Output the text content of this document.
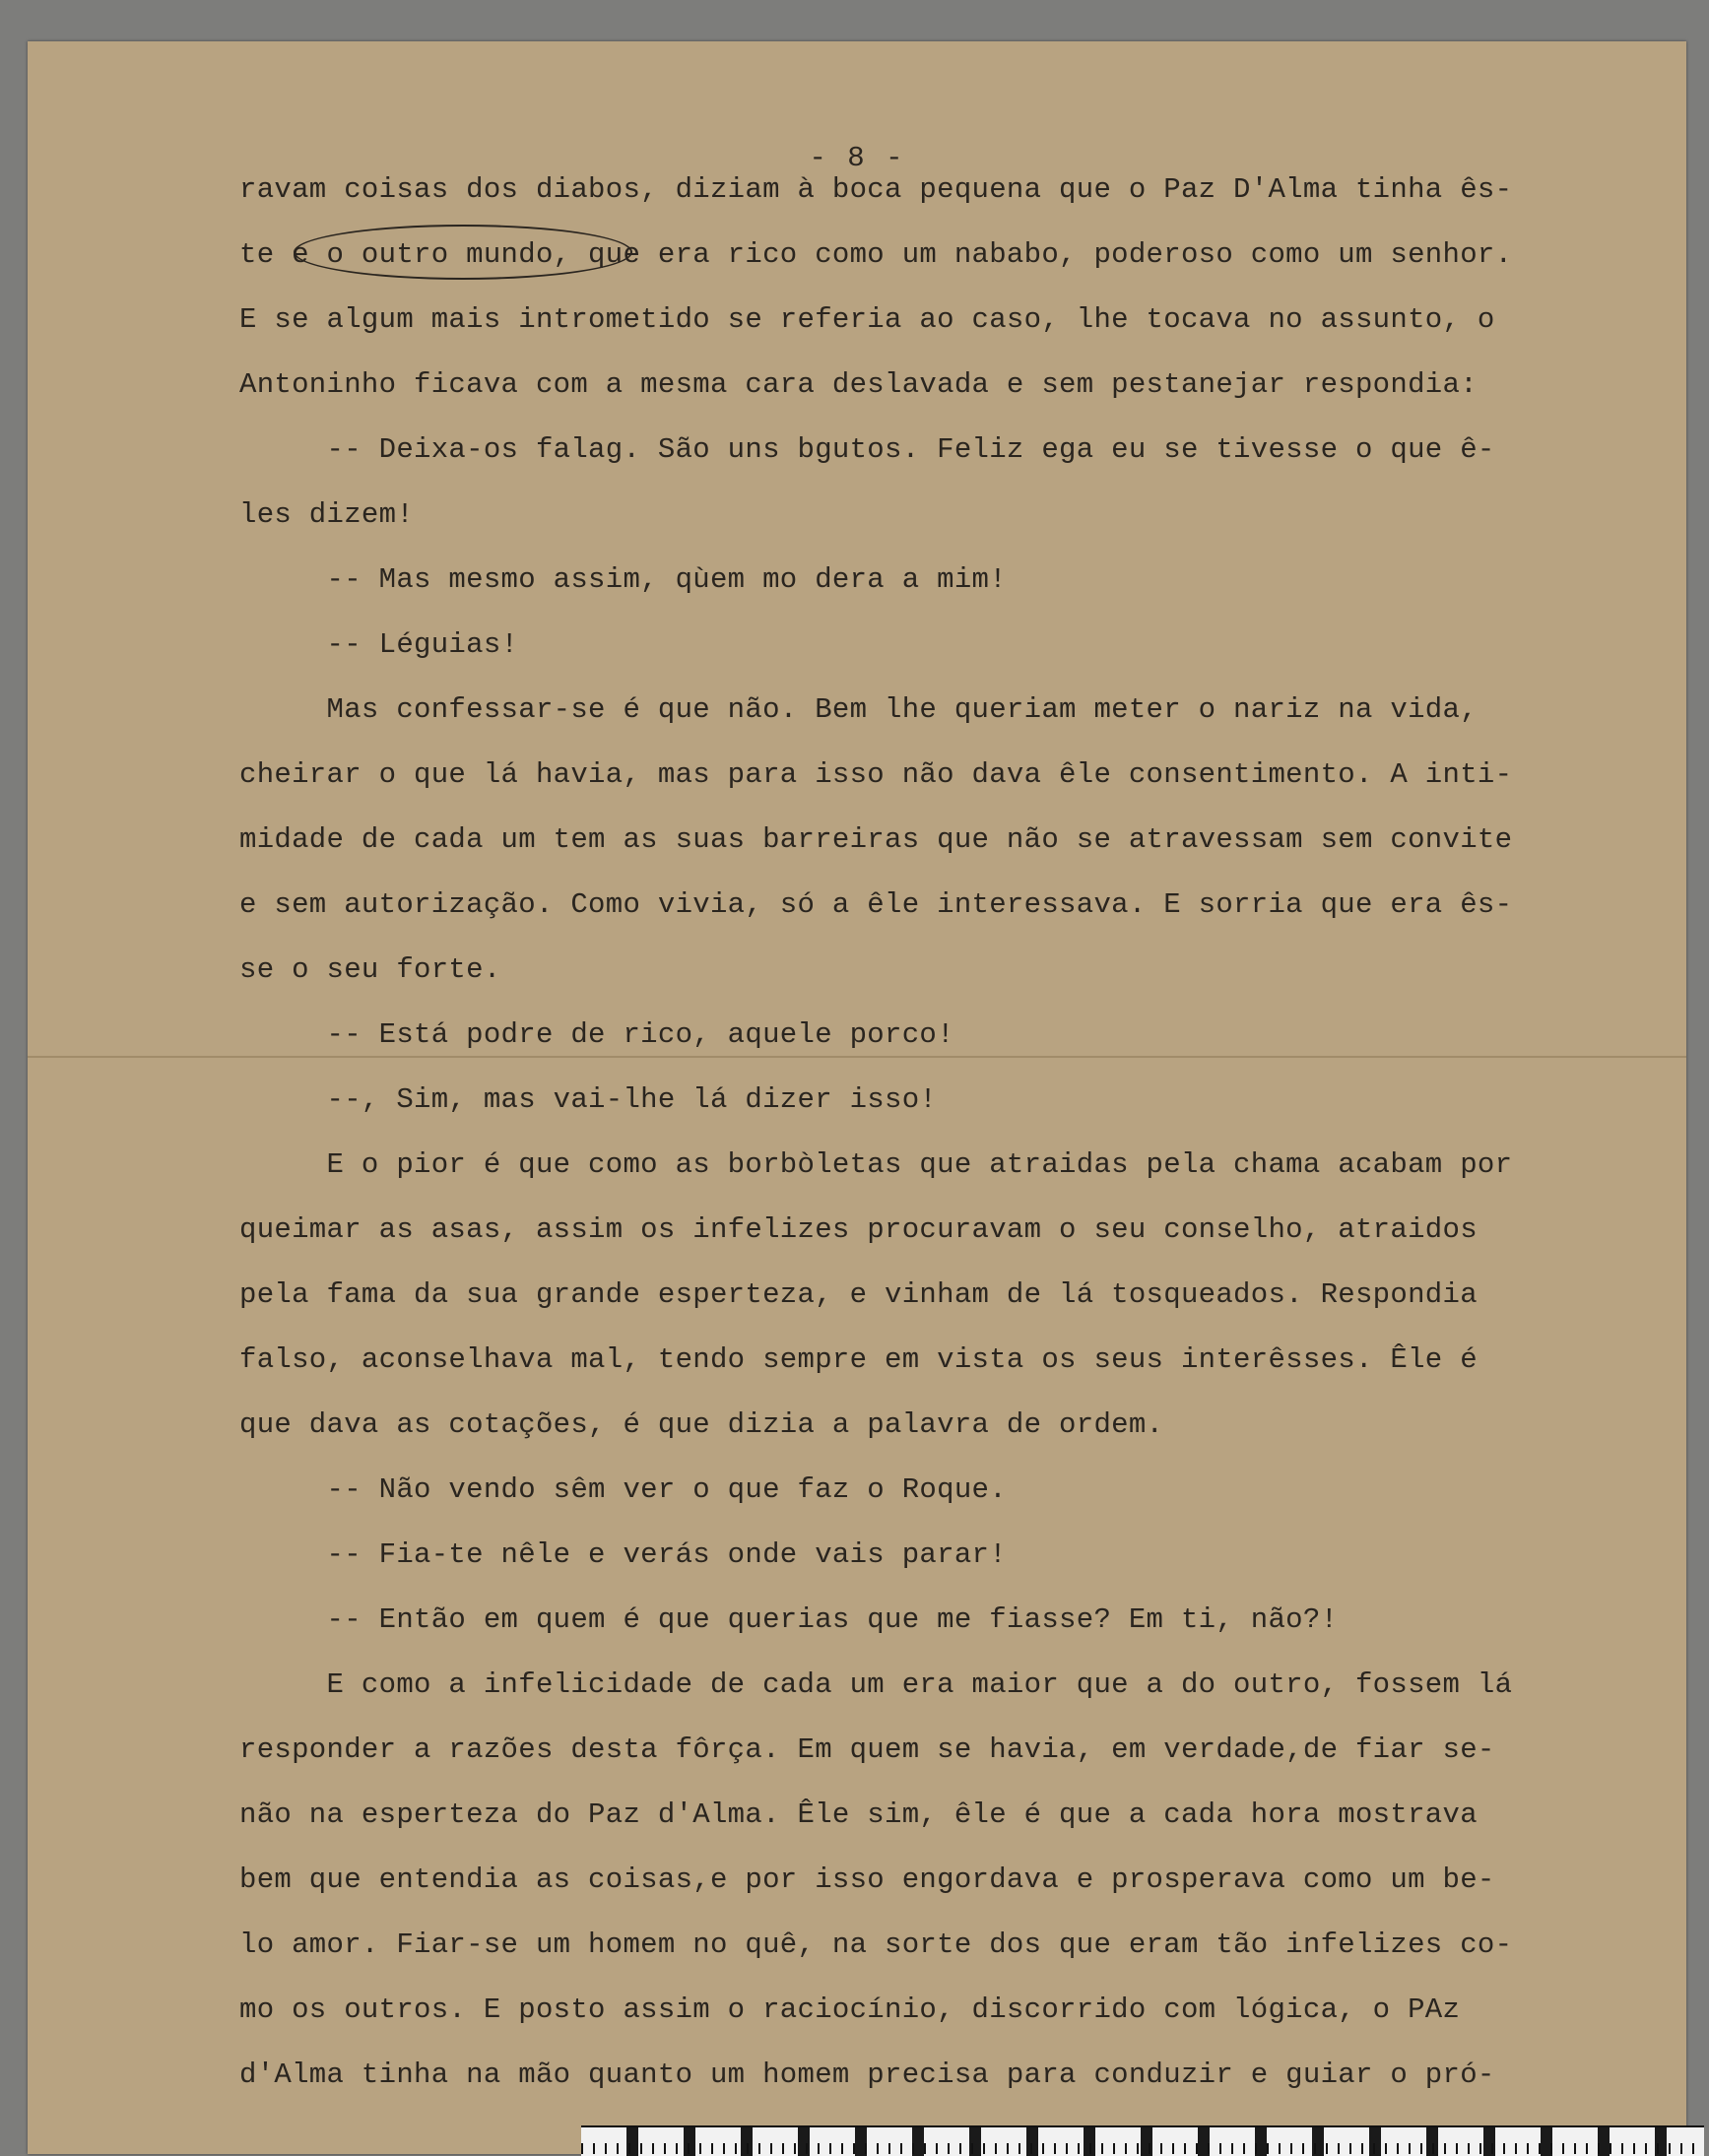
- 8 -
ravam coisas dos diabos, diziam à boca pequena que o Paz D'Alma tinha ês-
te e o outro mundo, que era rico como um nababo, poderoso como um senhor.
E se algum mais intrometido se referia ao caso, lhe tocava no assunto, o
Antoninho ficava com a mesma cara deslavada e sem pestanejar respondia:
-- Deixa-os falag. São uns bgutos. Feliz ega eu se tivesse o que ê-
les dizem!
-- Mas mesmo assim, qùem mo dera a mim!
-- Léguias!
Mas confessar-se é que não. Bem lhe queriam meter o nariz na vida,
cheirar o que lá havia, mas para isso não dava êle consentimento. A inti-
midade de cada um tem as suas barreiras que não se atravessam sem convite
e sem autorização. Como vivia, só a êle interessava. E sorria que era ês-
se o seu forte.
-- Está podre de rico, aquele porco!
--, Sim, mas vai-lhe lá dizer isso!
E o pior é que como as borbòletas que atraidas pela chama acabam por
queimar as asas, assim os infelizes procuravam o seu conselho, atraidos
pela fama da sua grande esperteza, e vinham de lá tosqueados. Respondia
falso, aconselhava mal, tendo sempre em vista os seus interêsses. Êle é
que dava as cotações, é que dizia a palavra de ordem.
-- Não vendo sêm ver o que faz o Roque.
-- Fia-te nêle e verás onde vais parar!
-- Então em quem é que querias que me fiasse? Em ti, não?!
E como a infelicidade de cada um era maior que a do outro, fossem lá
responder a razões desta fôrça. Em quem se havia, em verdade,de fiar se-
não na esperteza do Paz d'Alma. Êle sim, êle é que a cada hora mostrava
bem que entendia as coisas,e por isso engordava e prosperava como um be-
lo amor. Fiar-se um homem no quê, na sorte dos que eram tão infelizes co-
mo os outros. E posto assim o raciocínio, discorrido com lógica, o PAz
d'Alma tinha na mão quanto um homem precisa para conduzir e guiar o pró-
